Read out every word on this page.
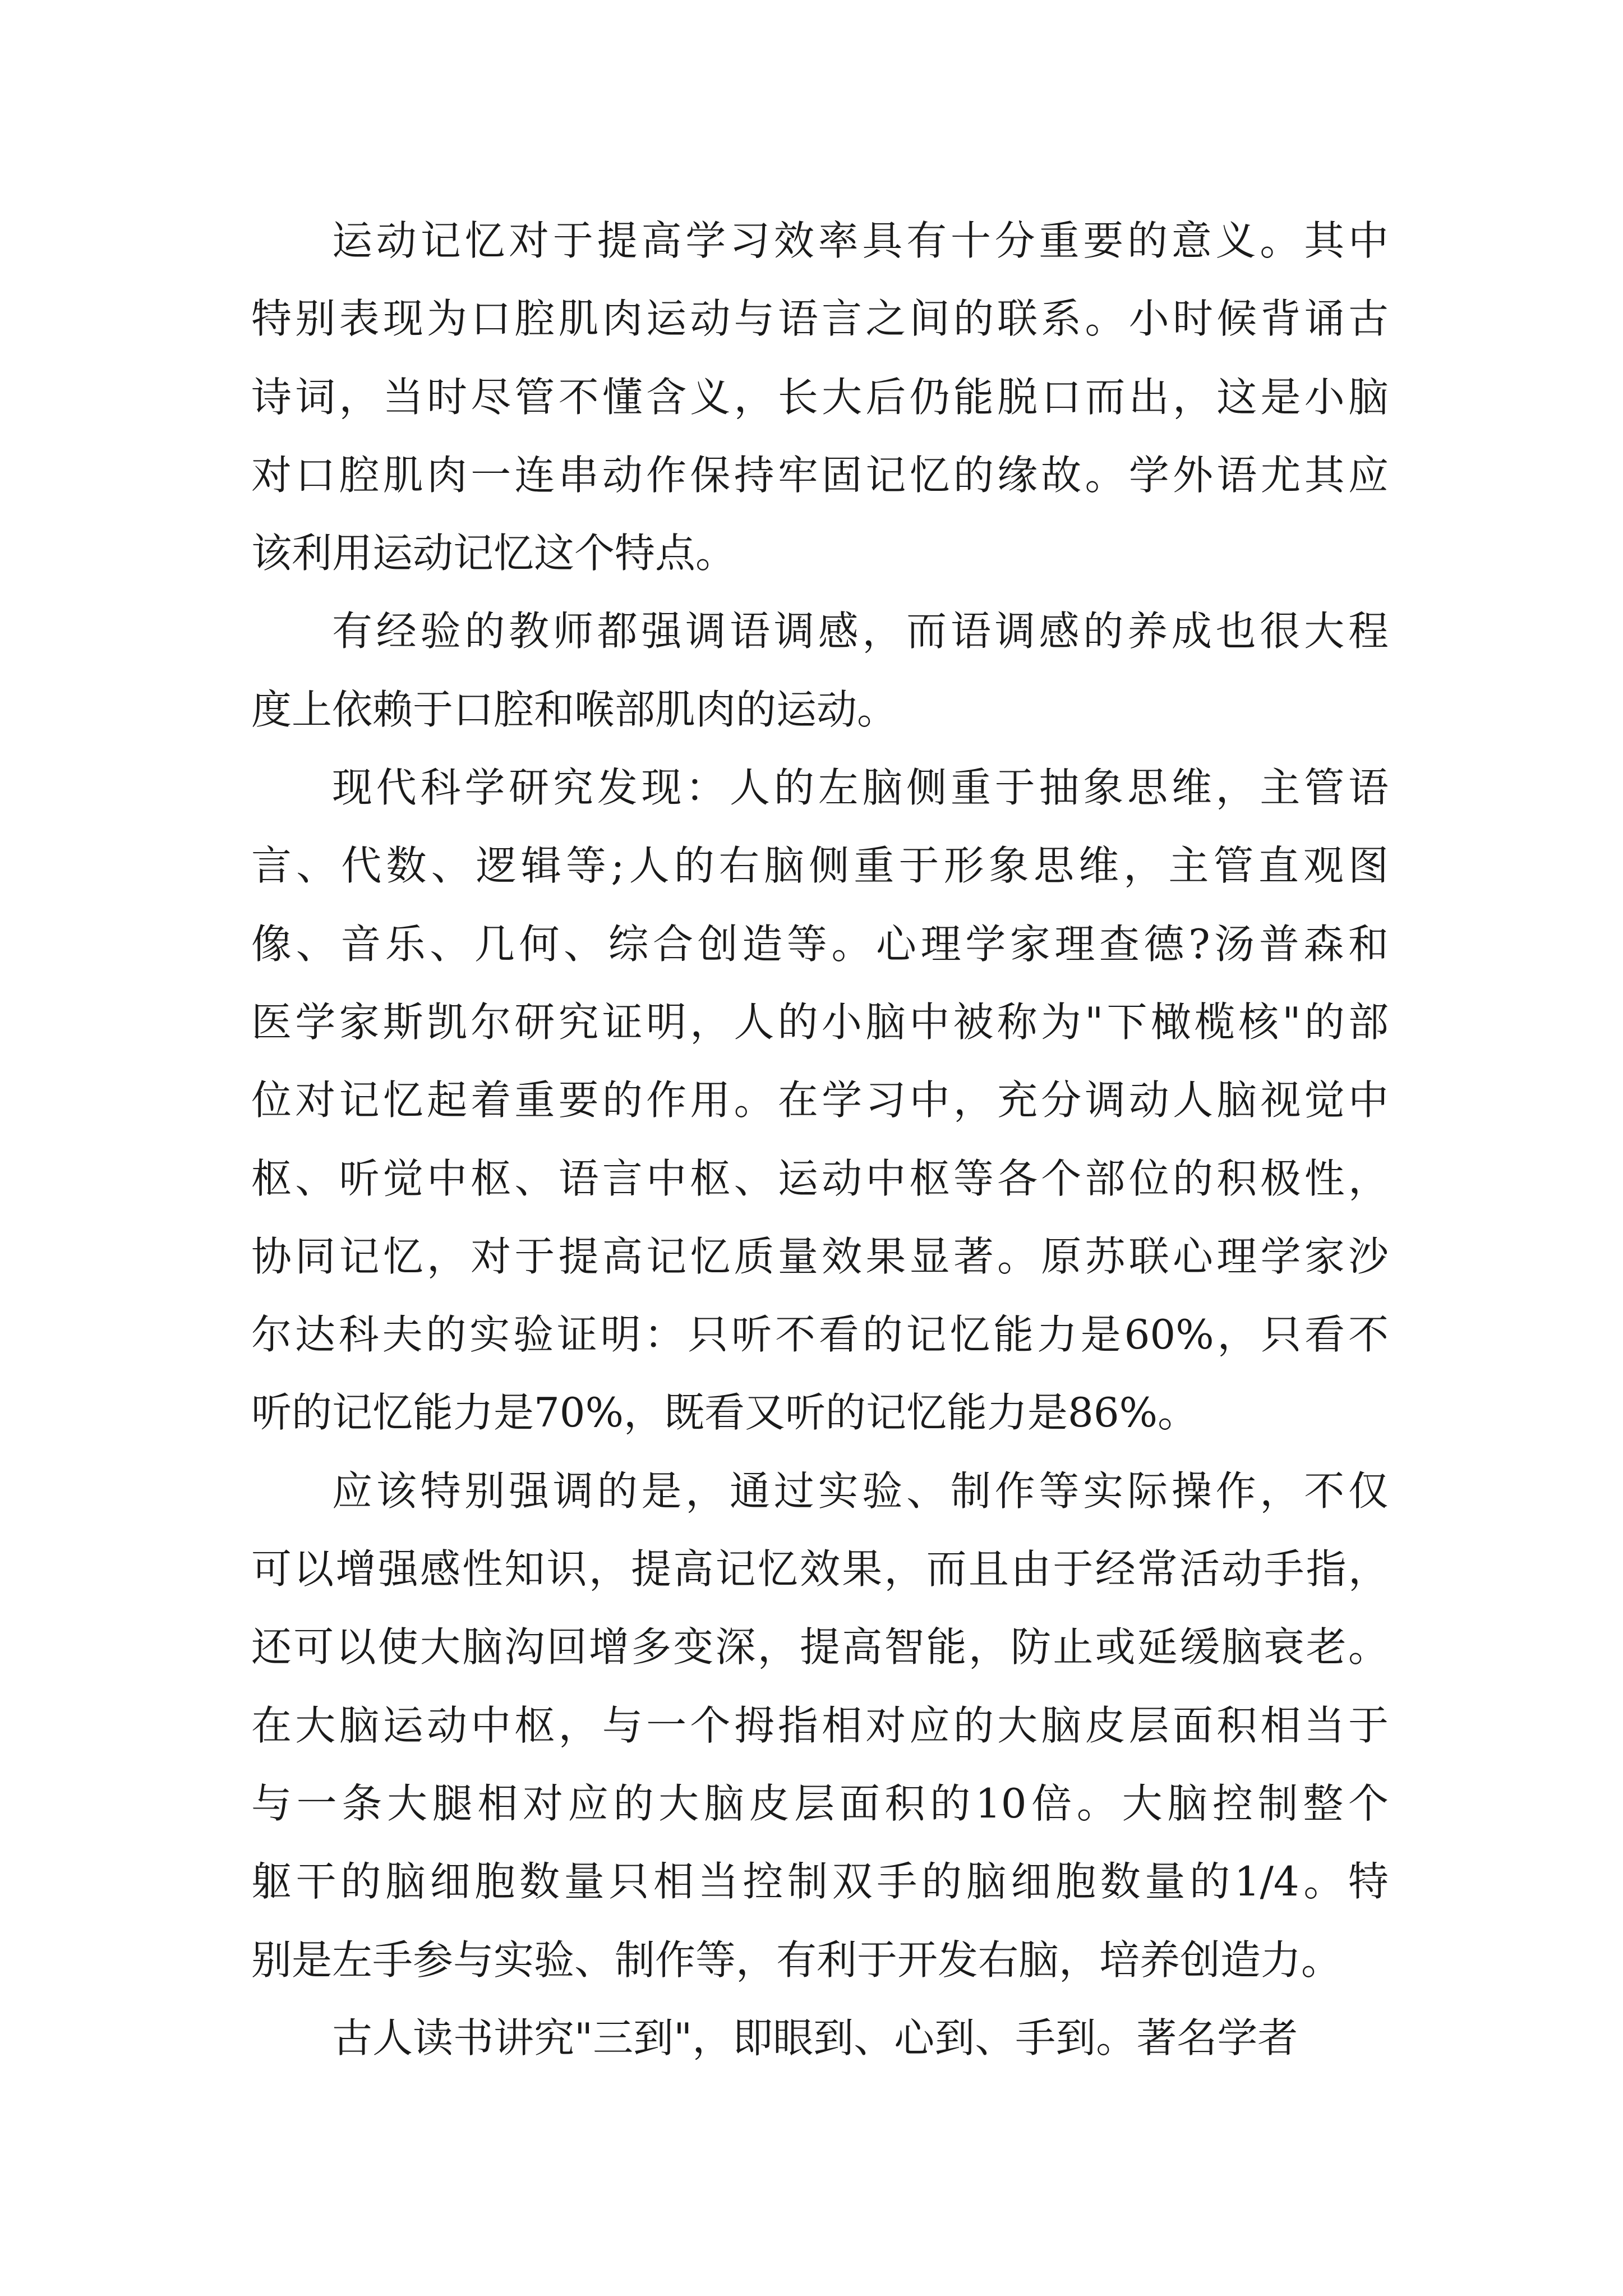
运动记忆对于提高学习效率具有十分重要的意义。其中
特别表现为口腔肌肉运动与语言之间的联系。小时候背诵古
诗词，当时尽管不懂含义，长大后仍能脱口而出，这是小脑
对口腔肌肉一连串动作保持牢固记忆的缘故。学外语尤其应
该利用运动记忆这个特点。
有经验的教师都强调语调感，而语调感的养成也很大程
度上依赖于口腔和喉部肌肉的运动。
现代科学研究发现：人的左脑侧重于抽象思维，主管语
言、代数、逻辑等;人的右脑侧重于形象思维，主管直观图
像、音乐、几何、综合创造等。心理学家理查德?汤普森和
医学家斯凯尔研究证明，人的小脑中被称为"下橄榄核"的部
位对记忆起着重要的作用。在学习中，充分调动人脑视觉中
枢、听觉中枢、语言中枢、运动中枢等各个部位的积极性，
协同记忆，对于提高记忆质量效果显著。原苏联心理学家沙
尔达科夫的实验证明：只听不看的记忆能力是60%，只看不
听的记忆能力是70%，既看又听的记忆能力是86%。
应该特别强调的是，通过实验、制作等实际操作，不仅
可以增强感性知识，提高记忆效果，而且由于经常活动手指，
还可以使大脑沟回增多变深，提高智能，防止或延缓脑衰老。
在大脑运动中枢，与一个拇指相对应的大脑皮层面积相当于
与一条大腿相对应的大脑皮层面积的10倍。大脑控制整个
躯干的脑细胞数量只相当控制双手的脑细胞数量的1/4。特
别是左手参与实验、制作等，有利于开发右脑，培养创造力。
古人读书讲究"三到"，即眼到、心到、手到。著名学者
